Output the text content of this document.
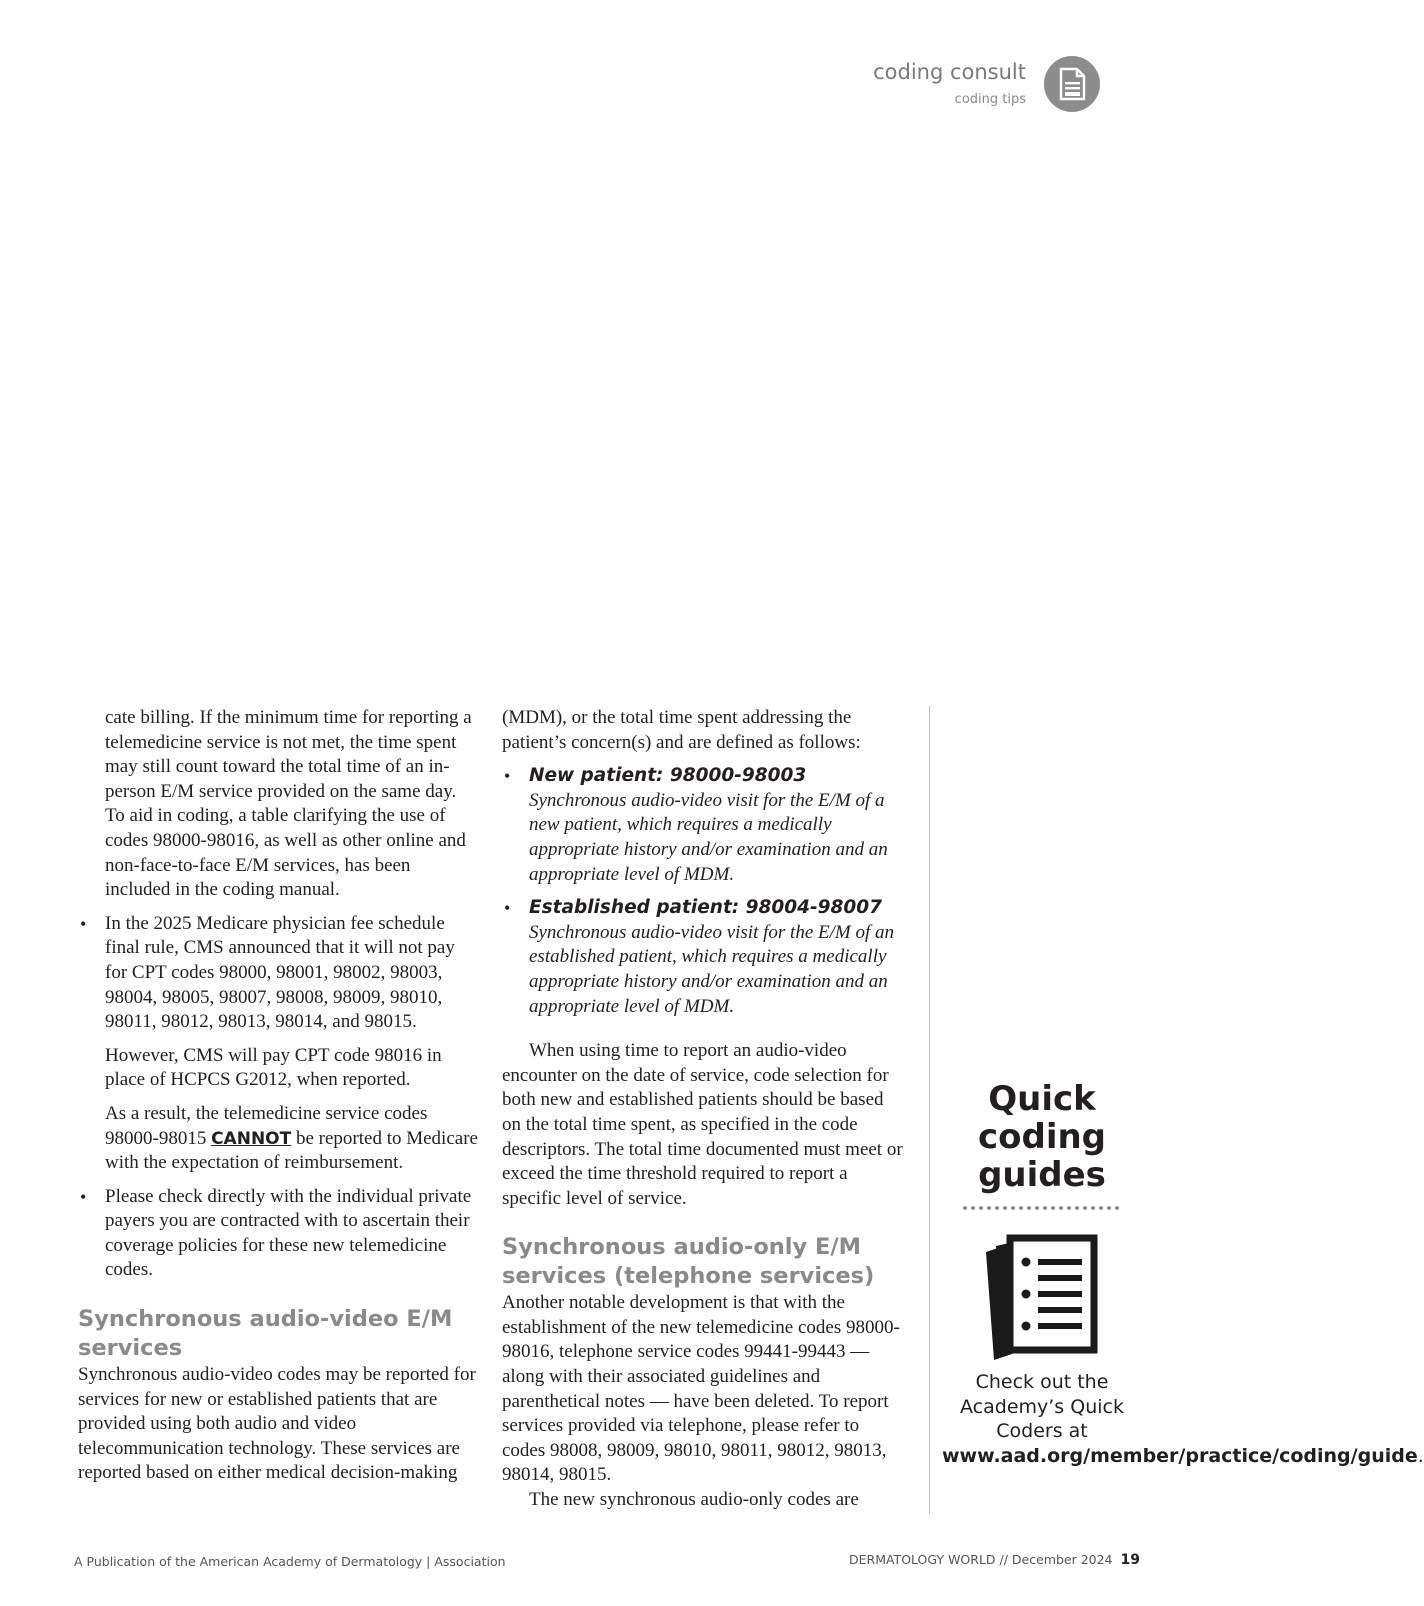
coding consult
coding tips

cate billing. If the minimum time for reporting a telemedicine service is not met, the time spent may still count toward the total time of an in-person E/M service provided on the same day. To aid in coding, a table clarifying the use of codes 98000-98016, as well as other online and non-face-to-face E/M services, has been included in the coding manual.

• In the 2025 Medicare physician fee schedule final rule, CMS announced that it will not pay for CPT codes 98000, 98001, 98002, 98003, 98004, 98005, 98007, 98008, 98009, 98010, 98011, 98012, 98013, 98014, and 98015.

However, CMS will pay CPT code 98016 in place of HCPCS G2012, when reported.

As a result, the telemedicine service codes 98000-98015 CANNOT be reported to Medicare with the expectation of reimbursement.

• Please check directly with the individual private payers you are contracted with to ascertain their coverage policies for these new telemedicine codes.

Synchronous audio-video E/M services

Synchronous audio-video codes may be reported for services for new or established patients that are provided using both audio and video telecommunication technology. These services are reported based on either medical decision-making

(MDM), or the total time spent addressing the patient’s concern(s) and are defined as follows:

• New patient: 98000-98003
Synchronous audio-video visit for the E/M of a new patient, which requires a medically appropriate history and/or examination and an appropriate level of MDM.
• Established patient: 98004-98007
Synchronous audio-video visit for the E/M of an established patient, which requires a medically appropriate history and/or examination and an appropriate level of MDM.

When using time to report an audio-video encounter on the date of service, code selection for both new and established patients should be based on the total time spent, as specified in the code descriptors. The total time documented must meet or exceed the time threshold required to report a specific level of service.

Synchronous audio-only E/M services (telephone services)

Another notable development is that with the establishment of the new telemedicine codes 98000-98016, telephone service codes 99441-99443 — along with their associated guidelines and parenthetical notes — have been deleted. To report services provided via telephone, please refer to codes 98008, 98009, 98010, 98011, 98012, 98013, 98014, 98015.

The new synchronous audio-only codes are

Quick coding guides
Check out the Academy’s Quick Coders at www.aad.org/member/practice/coding/guide.
A Publication of the American Academy of Dermatology | Association	DERMATOLOGY WORLD // December 2024 19
